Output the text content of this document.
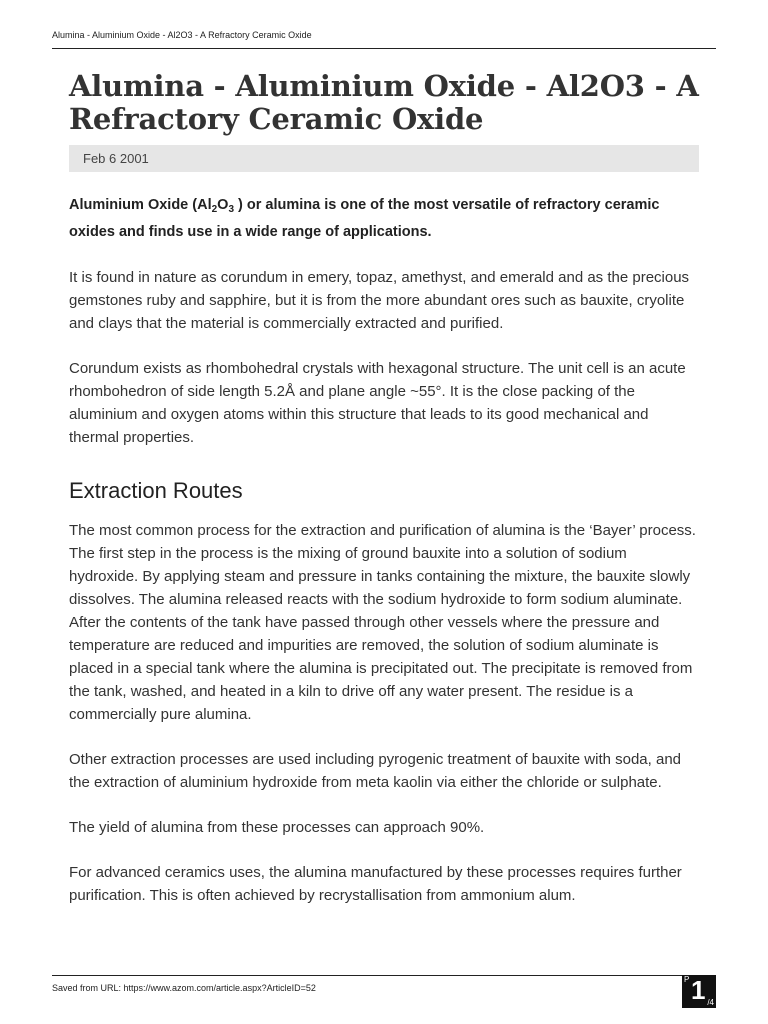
Alumina - Aluminium Oxide - Al2O3 - A Refractory Ceramic Oxide
Alumina - Aluminium Oxide - Al2O3 - A Refractory Ceramic Oxide
Feb 6 2001

Aluminium Oxide ($Al_2O_3$ ) or alumina is one of the most versatile of refractory ceramic oxides and finds use in a wide range of applications.

It is found in nature as corundum in emery, topaz, amethyst, and emerald and as the precious gemstones ruby and sapphire, but it is from the more abundant ores such as bauxite, cryolite and clays that the material is commercially extracted and purified.

Corundum exists as rhombohedral crystals with hexagonal structure. The unit cell is an acute rhombohedron of side length 5.2Å and plane angle ~55°. It is the close packing of the aluminium and oxygen atoms within this structure that leads to its good mechanical and thermal properties.

Extraction Routes

The most common process for the extraction and purification of alumina is the ‘Bayer’ process. The first step in the process is the mixing of ground bauxite into a solution of sodium hydroxide. By applying steam and pressure in tanks containing the mixture, the bauxite slowly dissolves. The alumina released reacts with the sodium hydroxide to form sodium aluminate. After the contents of the tank have passed through other vessels where the pressure and temperature are reduced and impurities are removed, the solution of sodium aluminate is placed in a special tank where the alumina is precipitated out. The precipitate is removed from the tank, washed, and heated in a kiln to drive off any water present. The residue is a commercially pure alumina.

Other extraction processes are used including pyrogenic treatment of bauxite with soda, and the extraction of aluminium hydroxide from meta kaolin via either the chloride or sulphate.

The yield of alumina from these processes can approach 90%.

For advanced ceramics uses, the alumina manufactured by these processes requires further purification. This is often achieved by recrystallisation from ammonium alum.

Saved from URL: https://www.azom.com/article.aspx?ArticleID=52
P 1 /4
